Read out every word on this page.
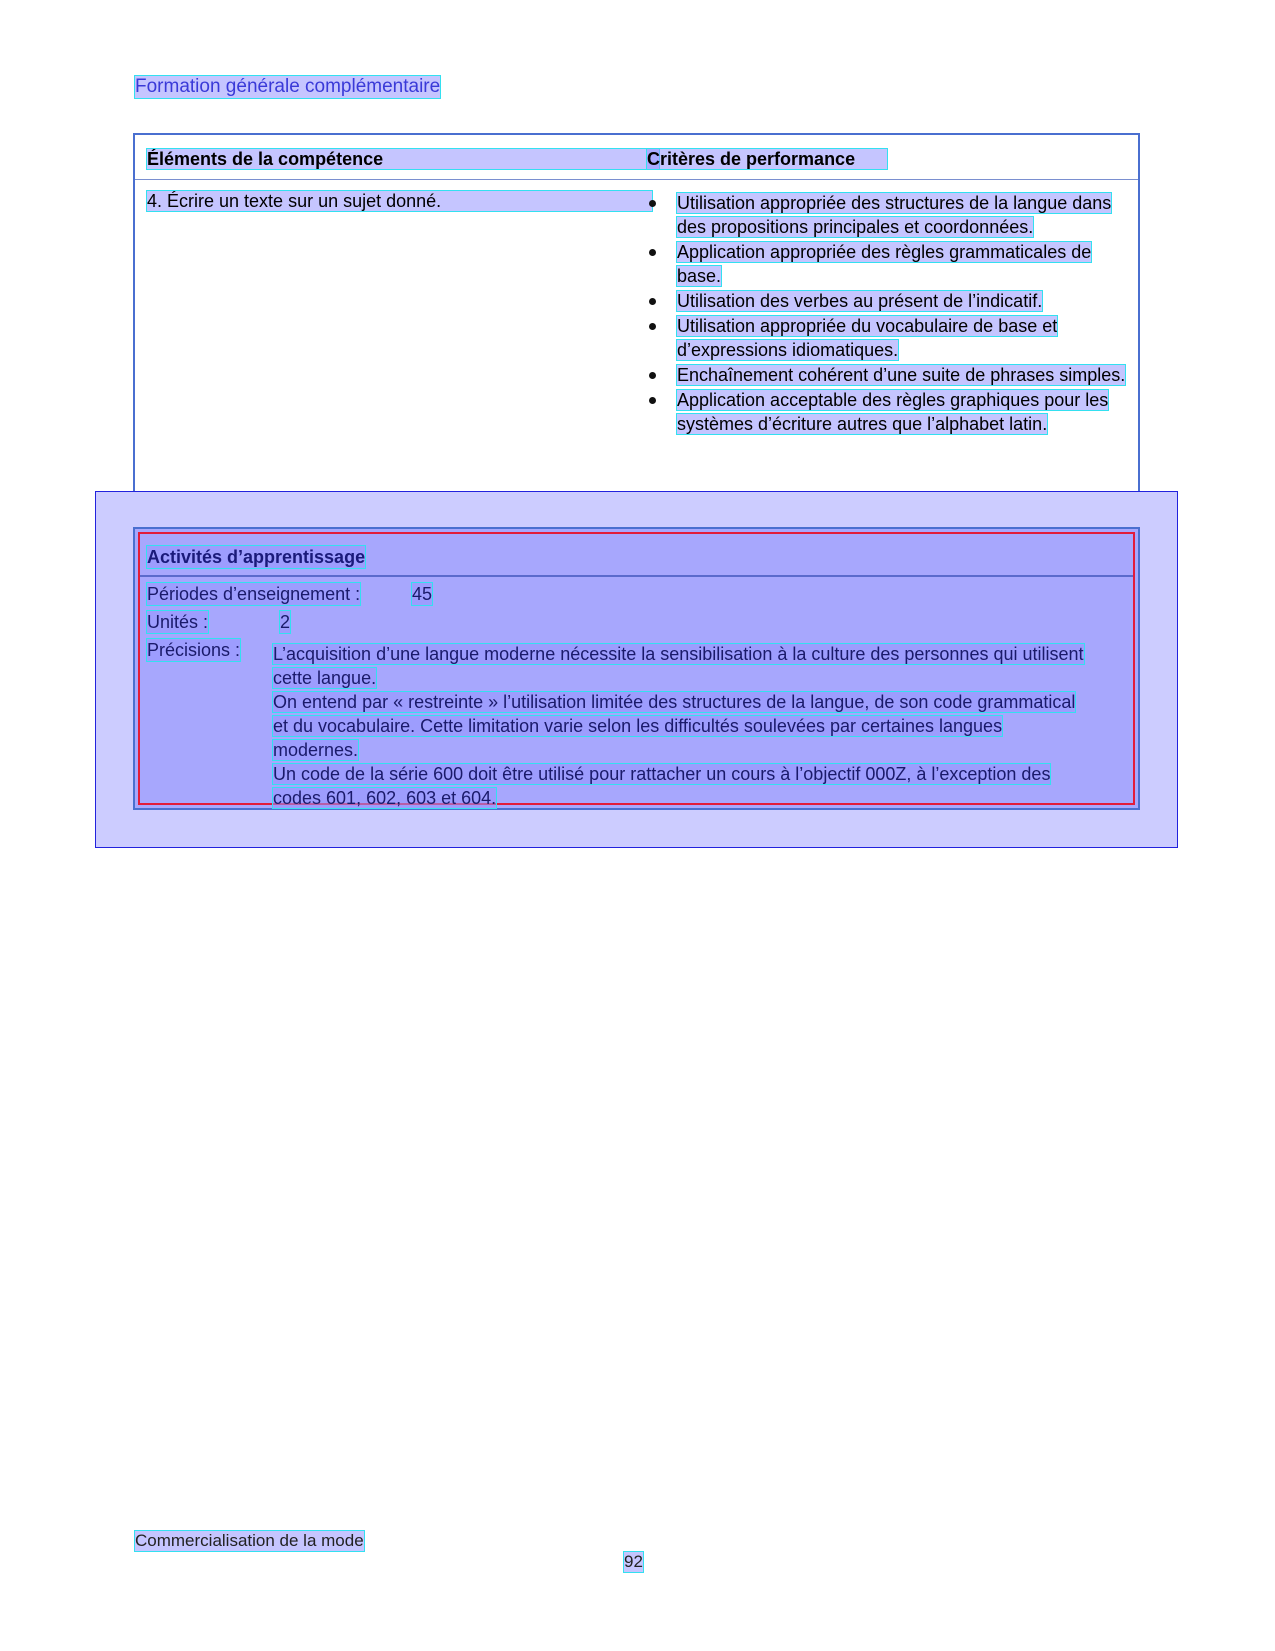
Formation générale complémentaire
Éléments de la compétence	Critères de performance
4. Écrire un texte sur un sujet donné.	Utilisation appropriée des structures de la langue dans des propositions principales et coordonnées.
Application appropriée des règles grammaticales de base.
Utilisation des verbes au présent de l’indicatif.
Utilisation appropriée du vocabulaire de base et d’expressions idiomatiques.
Enchaînement cohérent d’une suite de phrases simples.
Application acceptable des règles graphiques pour les systèmes d’écriture autres que l’alphabet latin.
Activités d’apprentissage
Périodes d’enseignement :	45
Unités :	2
Précisions : L’acquisition d’une langue moderne nécessite la sensibilisation à la culture des personnes qui utilisent cette langue.
On entend par « restreinte » l’utilisation limitée des structures de la langue, de son code grammatical et du vocabulaire. Cette limitation varie selon les difficultés soulevées par certaines langues modernes.
Un code de la série 600 doit être utilisé pour rattacher un cours à l’objectif 000Z, à l’exception des codes 601, 602, 603 et 604.
Commercialisation de la mode
92
